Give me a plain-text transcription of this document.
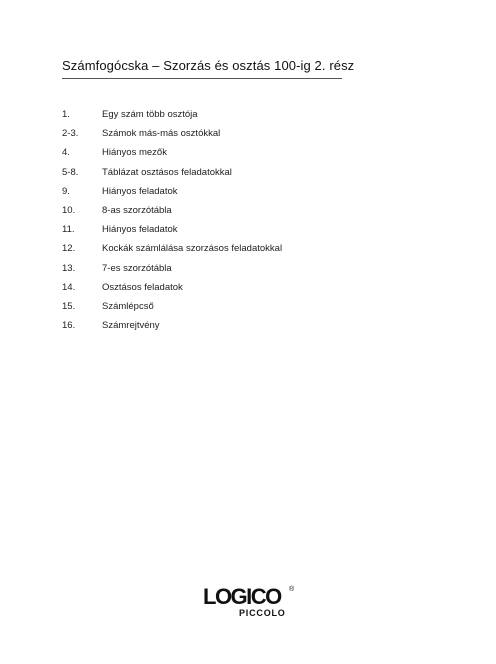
Számfogócska – Szorzás és osztás 100-ig 2. rész
1.	Egy szám több osztója
2-3.	Számok más-más osztókkal
4.	Hiányos mezők
5-8.	Táblázat osztásos feladatokkal
9.	Hiányos feladatok
10.	8-as szorzótábla
11.	Hiányos feladatok
12.	Kockák számlálása szorzásos feladatokkal
13.	7-es szorzótábla
14.	Osztásos feladatok
15.	Számlépcső
16.	Számrejtvény
LOGICO ®
PICCOLO
